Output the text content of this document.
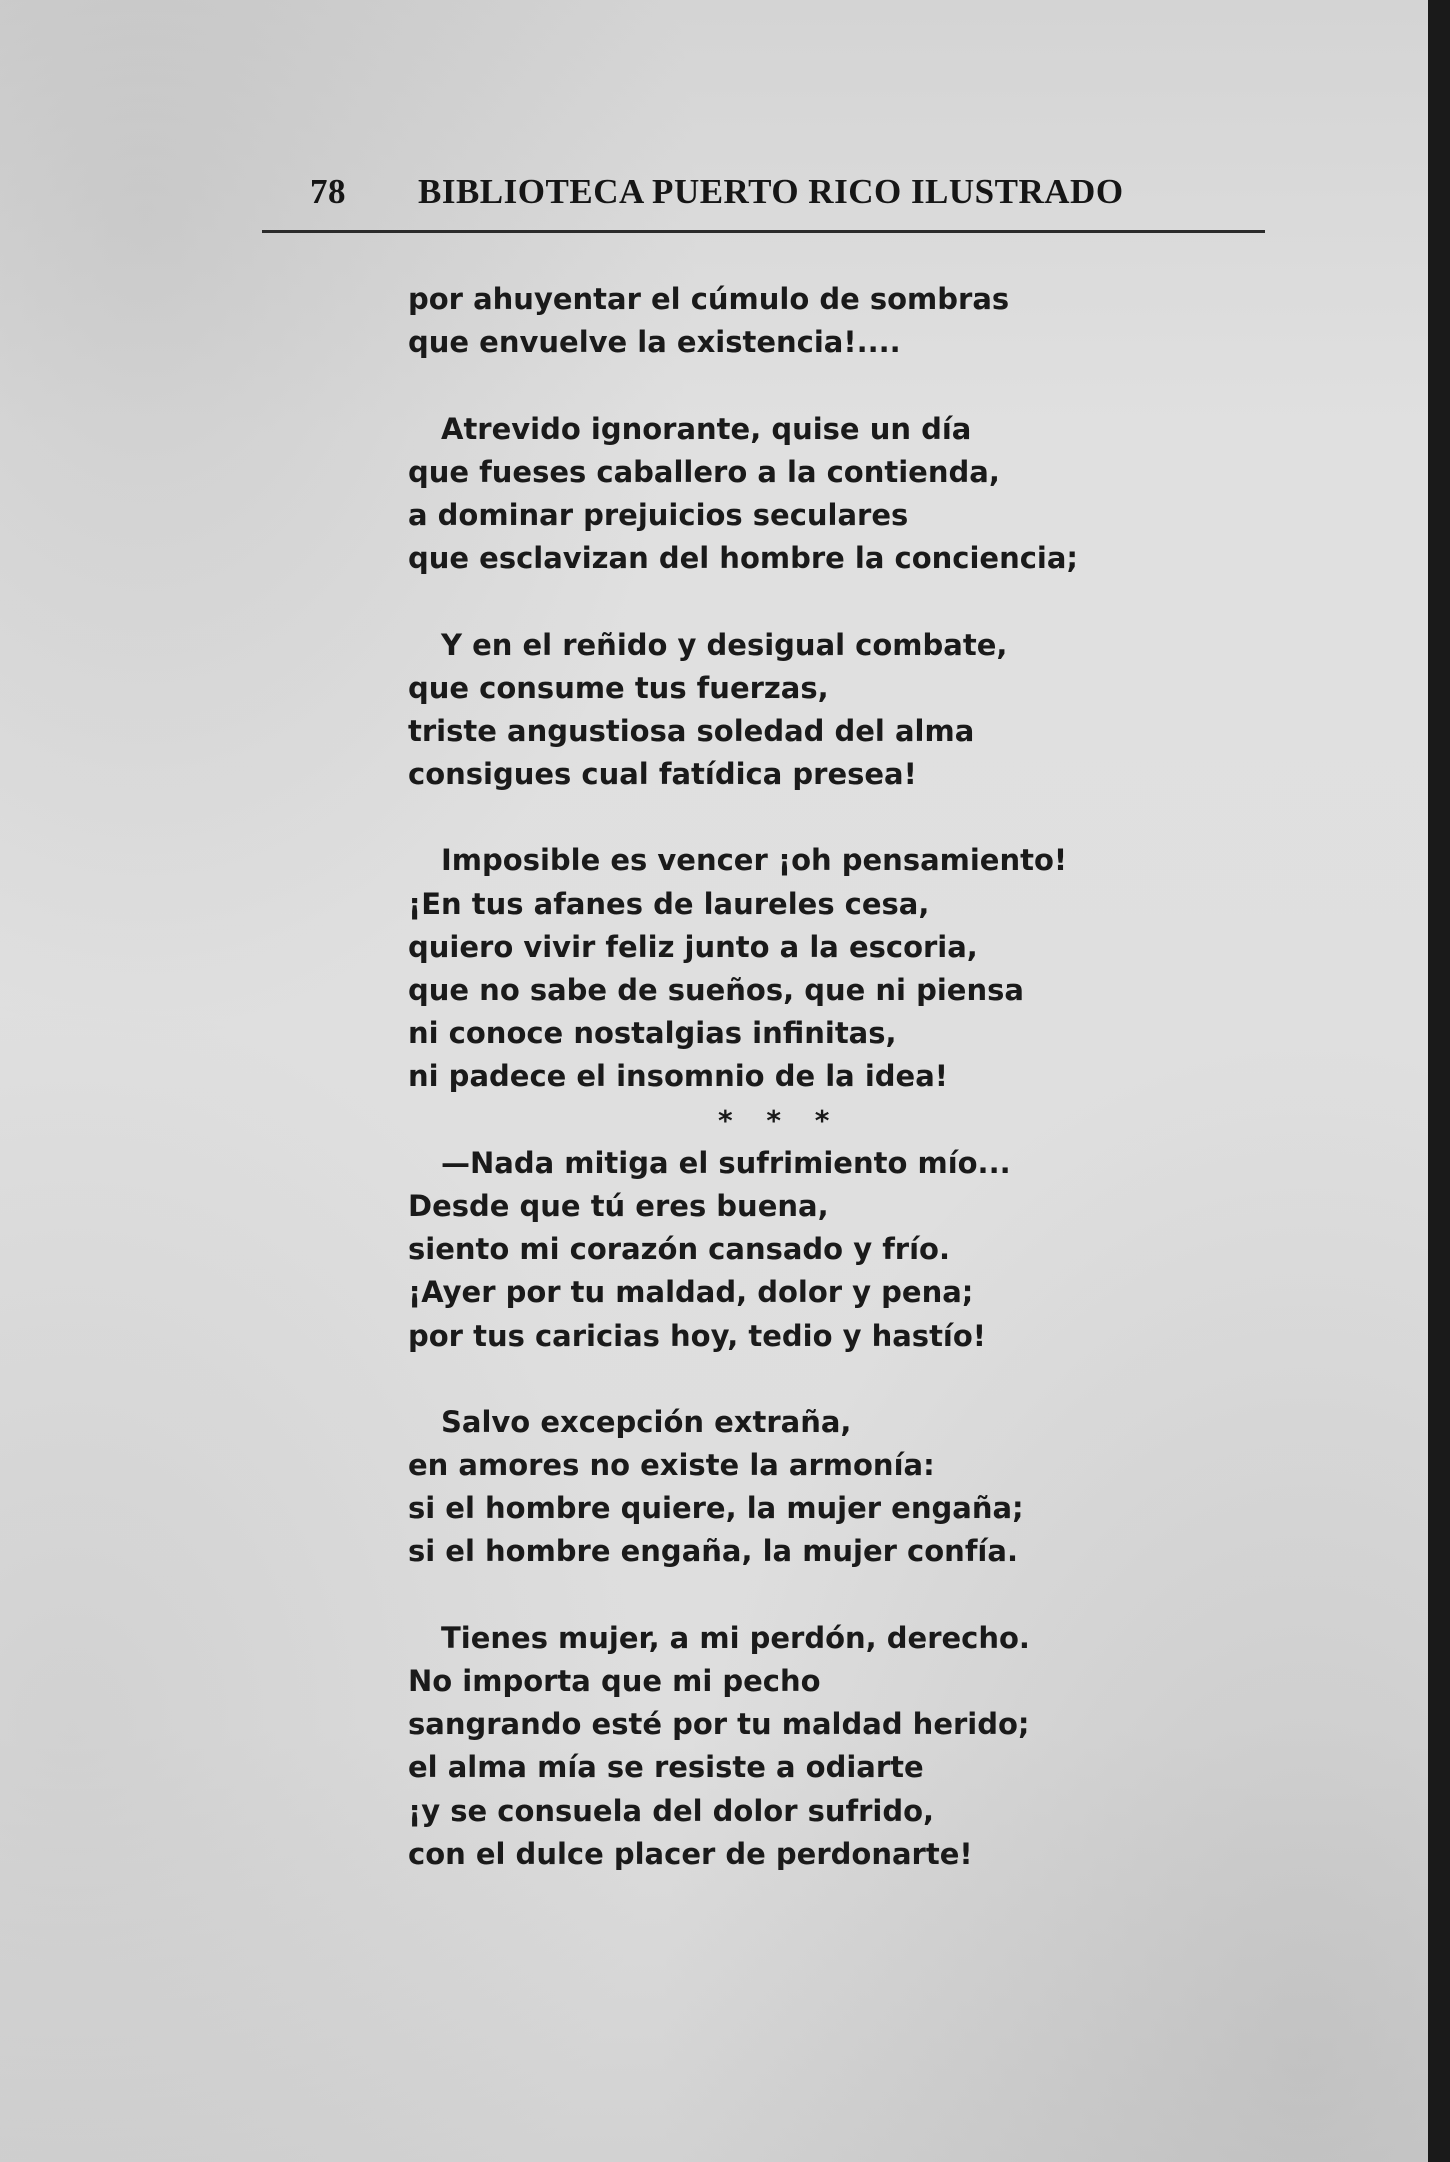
78	BIBLIOTECA PUERTO RICO ILUSTRADO
por ahuyentar el cúmulo de sombras
que envuelve la existencia!....
Atrevido ignorante, quise un día
que fueses caballero a la contienda,
a dominar prejuicios seculares
que esclavizan del hombre la conciencia;
Y en el reñido y desigual combate,
que consume tus fuerzas,
triste angustiosa soledad del alma
consigues cual fatídica presea!
Imposible es vencer ¡oh pensamiento!
¡En tus afanes de laureles cesa,
quiero vivir feliz junto a la escoria,
que no sabe de sueños, que ni piensa
ni conoce nostalgias infinitas,
ni padece el insomnio de la idea!
* * *
—Nada mitiga el sufrimiento mío...
Desde que tú eres buena,
siento mi corazón cansado y frío.
¡Ayer por tu maldad, dolor y pena;
por tus caricias hoy, tedio y hastío!
Salvo excepción extraña,
en amores no existe la armonía:
si el hombre quiere, la mujer engaña;
si el hombre engaña, la mujer confía.
Tienes mujer, a mi perdón, derecho.
No importa que mi pecho
sangrando esté por tu maldad herido;
el alma mía se resiste a odiarte
¡y se consuela del dolor sufrido,
con el dulce placer de perdonarte!
